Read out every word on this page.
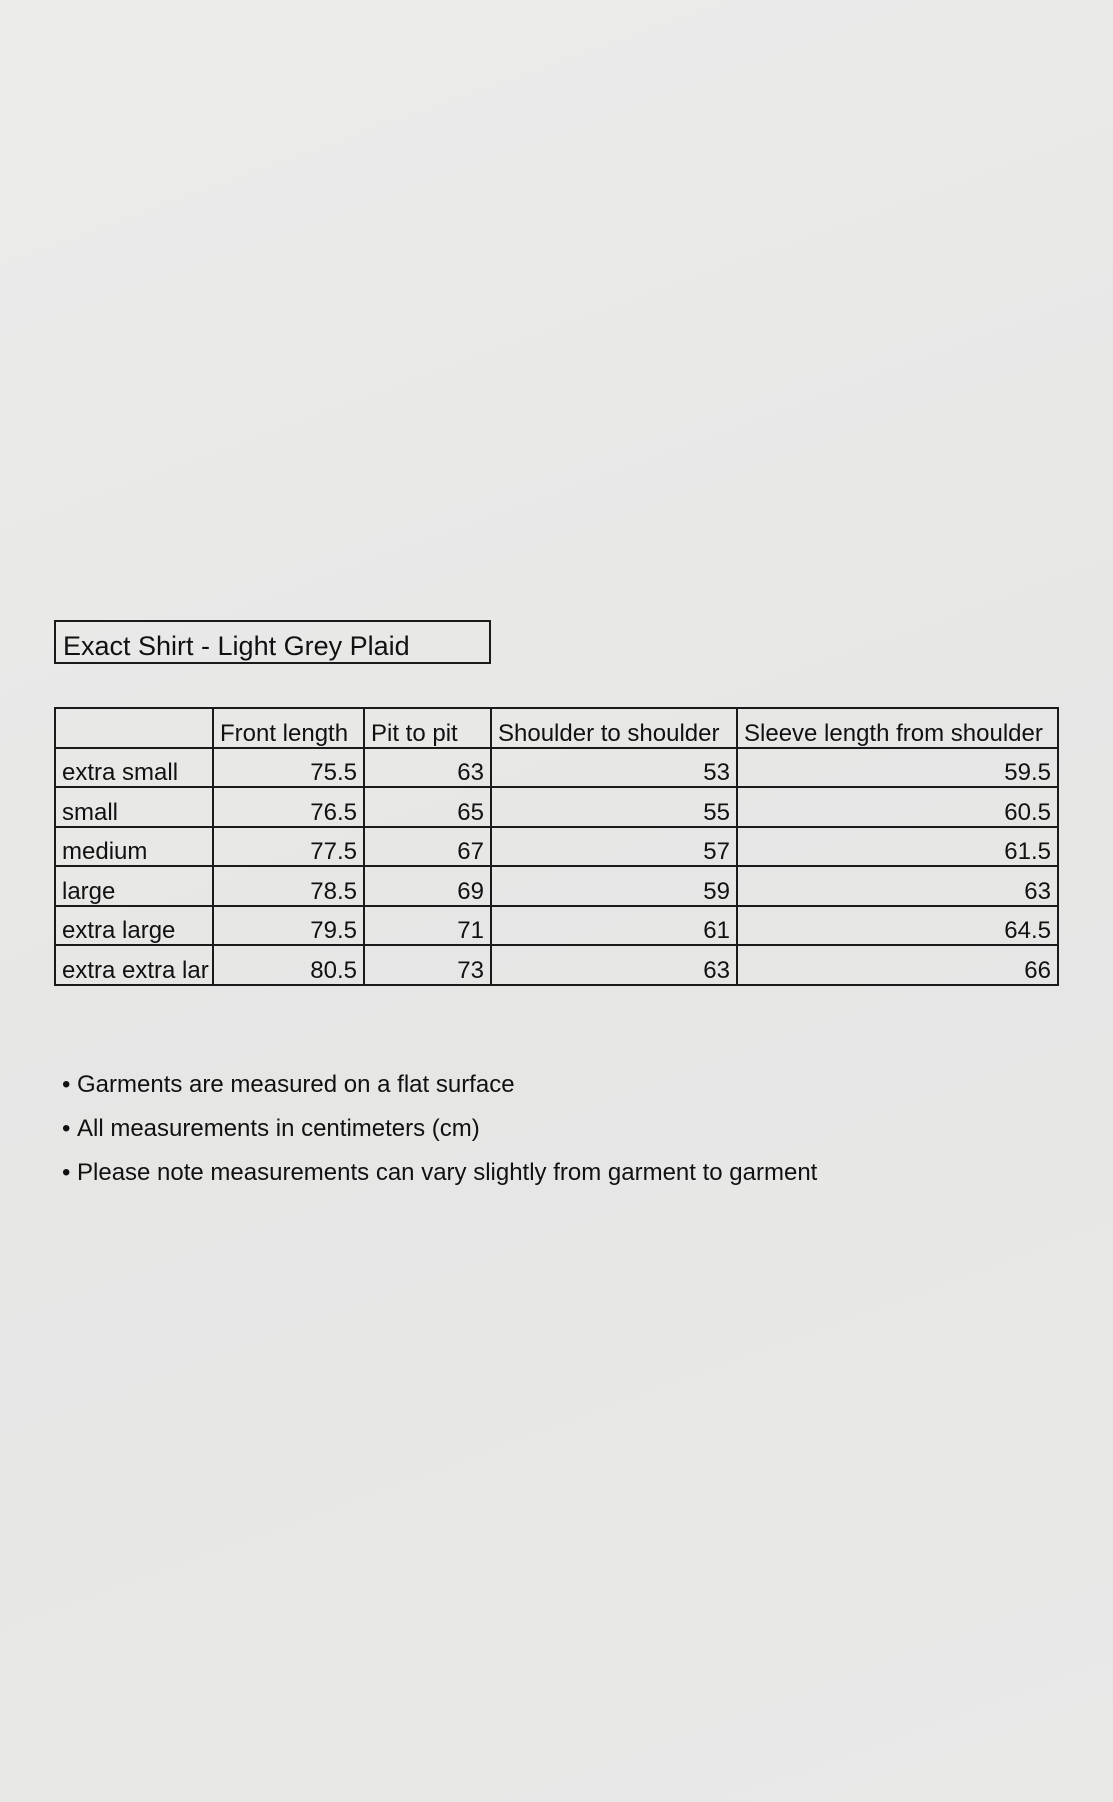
Exact Shirt - Light Grey Plaid
	Front length	Pit to pit	Shoulder to shoulder	Sleeve length from shoulder
extra small	75.5	63	53	59.5
small	76.5	65	55	60.5
medium	77.5	67	57	61.5
large	78.5	69	59	63
extra large	79.5	71	61	64.5
extra extra lar	80.5	73	63	66
• Garments are measured on a flat surface
• All measurements in centimeters (cm)
• Please note measurements can vary slightly from garment to garment
